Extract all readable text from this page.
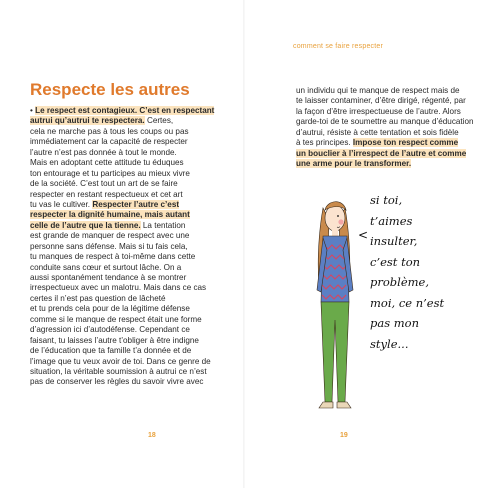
comment se faire respecter
Respecte les autres
• Le respect est contagieux. C’est en respectant
autrui qu’autrui te respectera. Certes,
cela ne marche pas à tous les coups ou pas
immédiatement car la capacité de respecter
l’autre n’est pas donnée à tout le monde.
Mais en adoptant cette attitude tu éduques
ton entourage et tu participes au mieux vivre
de la société. C’est tout un art de se faire
respecter en restant respectueux et cet art
tu vas le cultiver. Respecter l’autre c’est
respecter la dignité humaine, mais autant
celle de l’autre que la tienne. La tentation
est grande de manquer de respect avec une
personne sans défense. Mais si tu fais cela,
tu manques de respect à toi-même dans cette
conduite sans cœur et surtout lâche. On a
aussi spontanément tendance à se montrer
irrespectueux avec un malotru. Mais dans ce cas
certes il n’est pas question de lâcheté
et tu prends cela pour de la légitime défense
comme si le manque de respect était une forme
d’agression ici d’autodéfense. Cependant ce
faisant, tu laisses l’autre t’obliger à être indigne
de l’éducation que ta famille t’a donnée et de
l’image que tu veux avoir de toi. Dans ce genre de
situation, la véritable soumission à autrui ce n’est
pas de conserver les règles du savoir vivre avec
un individu qui te manque de respect mais de
te laisser contaminer, d’être dirigé, régenté, par
la façon d’être irrespectueuse de l’autre. Alors
garde-toi de te soumettre au manque d’éducation
d’autrui, résiste à cette tentation et sois fidèle
à tes principes. Impose ton respect comme
un bouclier à l’irrespect de l’autre et comme
une arme pour le transformer.
18	19
<
si toi,
t’aimes
insulter,
c’est ton
problème,
moi, ce n’est
pas mon
style...
